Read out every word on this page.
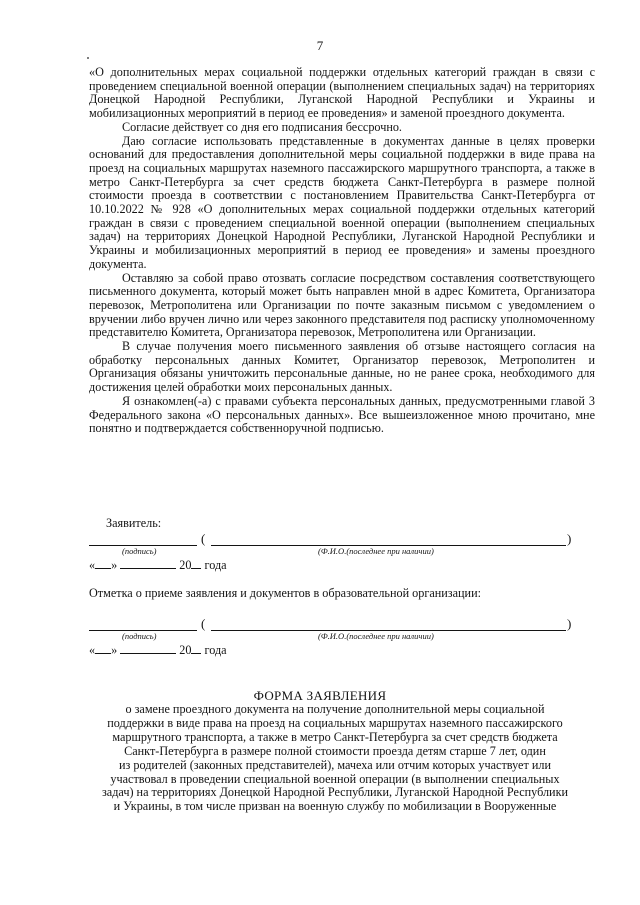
7

«О дополнительных мерах социальной поддержки отдельных категорий граждан в связи с проведением специальной военной операции (выполнением специальных задач) на территориях Донецкой Народной Республики, Луганской Народной Республики и Украины и мобилизационных мероприятий в период ее проведения» и заменой проездного документа.

Согласие действует со дня его подписания бессрочно.

Даю согласие использовать представленные в документах данные в целях проверки оснований для предоставления дополнительной меры социальной поддержки в виде права на проезд на социальных маршрутах наземного пассажирского маршрутного транспорта, а также в метро Санкт-Петербурга за счет средств бюджета Санкт-Петербурга в размере полной стоимости проезда в соответствии с постановлением Правительства Санкт-Петербурга от 10.10.2022 № 928 «О дополнительных мерах социальной поддержки отдельных категорий граждан в связи с проведением специальной военной операции (выполнением специальных задач) на территориях Донецкой Народной Республики, Луганской Народной Республики и Украины и мобилизационных мероприятий в период ее проведения» и замены проездного документа.

Оставляю за собой право отозвать согласие посредством составления соответствующего письменного документа, который может быть направлен мной в адрес Комитета, Организатора перевозок, Метрополитена или Организации по почте заказным письмом с уведомлением о вручении либо вручен лично или через законного представителя под расписку уполномоченному представителю Комитета, Организатора перевозок, Метрополитена или Организации.

В случае получения моего письменного заявления об отзыве настоящего согласия на обработку персональных данных Комитет, Организатор перевозок, Метрополитен и Организация обязаны уничтожить персональные данные, но не ранее срока, необходимого для достижения целей обработки моих персональных данных.

Я ознакомлен(-а) с правами субъекта персональных данных, предусмотренными главой 3 Федерального закона «О персональных данных». Все вышеизложенное мною прочитано, мне понятно и подтверждается собственноручной подписью.

Заявитель:
(	)
(подпись)	(Ф.И.О.(последнее при наличии)
« »	20 года
Отметка о приеме заявления и документов в образовательной организации:
(	)
(подпись)	(Ф.И.О.(последнее при наличии)
« »	20 года
ФОРМА ЗАЯВЛЕНИЯ
о замене проездного документа на получение дополнительной меры социальной
поддержки в виде права на проезд на социальных маршрутах наземного пассажирского
маршрутного транспорта, а также в метро Санкт-Петербурга за счет средств бюджета
Санкт-Петербурга в размере полной стоимости проезда детям старше 7 лет, один
из родителей (законных представителей), мачеха или отчим которых участвует или
участвовал в проведении специальной военной операции (в выполнении специальных
задач) на территориях Донецкой Народной Республики, Луганской Народной Республики
и Украины, в том числе призван на военную службу по мобилизации в Вооруженные
